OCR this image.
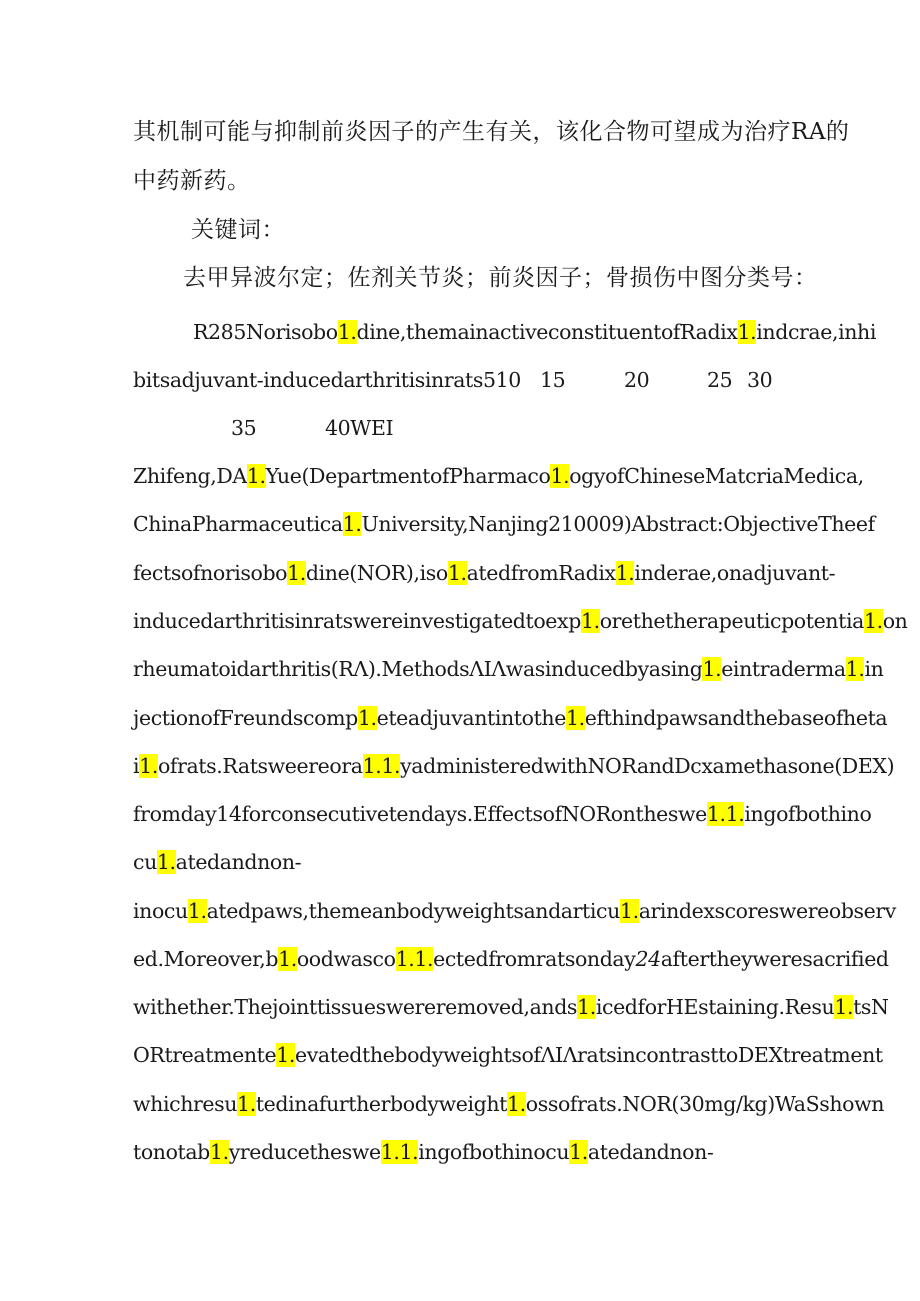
其机制可能与抑制前炎因子的产生有关，该化合物可望成为治疗RA的
中药新药。
关键词：
去甲异波尔定；佐剂关节炎；前炎因子；骨损伤中图分类号：
R285Norisobo1.dine,themainactiveconstituentofRadix1.indcrae,inhi
bitsadjuvant-inducedarthritisinrats510 15	20	25 30
35	40WEI
Zhifeng,DA1.Yue(DepartmentofPharmaco1.ogyofChineseMatcriaMedica,
ChinaPharmaceutica1.University,Nanjing210009)Abstract:ObjectiveTheef
fectsofnorisobo1.dine(NOR),iso1.atedfromRadix1.inderae,onadjuvant-
inducedarthritisinratswereinvestigatedtoexp1.orethetherapeuticpotentia1.on
rheumatoidarthritis(RΛ).MethodsΛIΛwasinducedbyasing1.eintraderma1.in
jectionofFreundscomp1.eteadjuvantintothe1.efthindpawsandthebaseofheta
i1.ofrats.Ratsweereora1.1.yadministeredwithNORandDcxamethasone(DEX)
fromday14forconsecutivetendays.EffectsofNORontheswe1.1.ingofbothino
cu1.atedandnon-
inocu1.atedpaws,themeanbodyweightsandarticu1.arindexscoreswereobserv
ed.Moreover,b1.oodwasco1.1.ectedfromratsonday24aftertheyweresacrified
withether.Thejointtissueswereremoved,ands1.icedforHEstaining.Resu1.tsN
ORtreatmente1.evatedthebodyweightsofΛIΛratsincontrasttoDEXtreatment
whichresu1.tedinafurtherbodyweight1.ossofrats.NOR(30mg/kg)WaSshown
tonotab1.yreducetheswe1.1.ingofbothinocu1.atedandnon-
